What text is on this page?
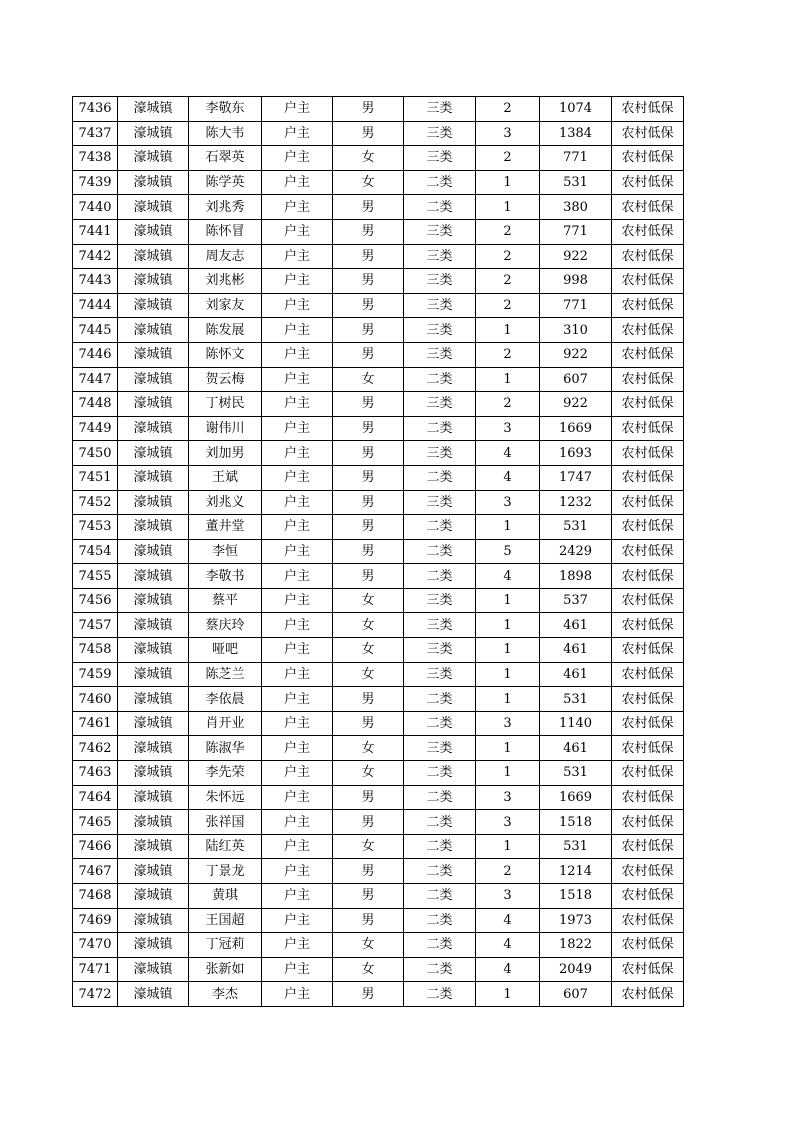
7436	濠城镇	李敬东	户主	男	三类	2	1074	农村低保
7437	濠城镇	陈大韦	户主	男	三类	3	1384	农村低保
7438	濠城镇	石翠英	户主	女	三类	2	771	农村低保
7439	濠城镇	陈学英	户主	女	二类	1	531	农村低保
7440	濠城镇	刘兆秀	户主	男	二类	1	380	农村低保
7441	濠城镇	陈怀冒	户主	男	三类	2	771	农村低保
7442	濠城镇	周友志	户主	男	三类	2	922	农村低保
7443	濠城镇	刘兆彬	户主	男	三类	2	998	农村低保
7444	濠城镇	刘家友	户主	男	三类	2	771	农村低保
7445	濠城镇	陈发展	户主	男	三类	1	310	农村低保
7446	濠城镇	陈怀文	户主	男	三类	2	922	农村低保
7447	濠城镇	贺云梅	户主	女	二类	1	607	农村低保
7448	濠城镇	丁树民	户主	男	三类	2	922	农村低保
7449	濠城镇	谢伟川	户主	男	二类	3	1669	农村低保
7450	濠城镇	刘加男	户主	男	三类	4	1693	农村低保
7451	濠城镇	王斌	户主	男	二类	4	1747	农村低保
7452	濠城镇	刘兆义	户主	男	三类	3	1232	农村低保
7453	濠城镇	董井堂	户主	男	二类	1	531	农村低保
7454	濠城镇	李恒	户主	男	二类	5	2429	农村低保
7455	濠城镇	李敬书	户主	男	二类	4	1898	农村低保
7456	濠城镇	蔡平	户主	女	三类	1	537	农村低保
7457	濠城镇	蔡庆玲	户主	女	三类	1	461	农村低保
7458	濠城镇	哑吧	户主	女	三类	1	461	农村低保
7459	濠城镇	陈芝兰	户主	女	三类	1	461	农村低保
7460	濠城镇	李依晨	户主	男	二类	1	531	农村低保
7461	濠城镇	肖开业	户主	男	二类	3	1140	农村低保
7462	濠城镇	陈淑华	户主	女	三类	1	461	农村低保
7463	濠城镇	李先荣	户主	女	二类	1	531	农村低保
7464	濠城镇	朱怀远	户主	男	二类	3	1669	农村低保
7465	濠城镇	张祥国	户主	男	二类	3	1518	农村低保
7466	濠城镇	陆红英	户主	女	二类	1	531	农村低保
7467	濠城镇	丁景龙	户主	男	二类	2	1214	农村低保
7468	濠城镇	黄琪	户主	男	二类	3	1518	农村低保
7469	濠城镇	王国超	户主	男	二类	4	1973	农村低保
7470	濠城镇	丁冠莉	户主	女	二类	4	1822	农村低保
7471	濠城镇	张新如	户主	女	二类	4	2049	农村低保
7472	濠城镇	李杰	户主	男	二类	1	607	农村低保
